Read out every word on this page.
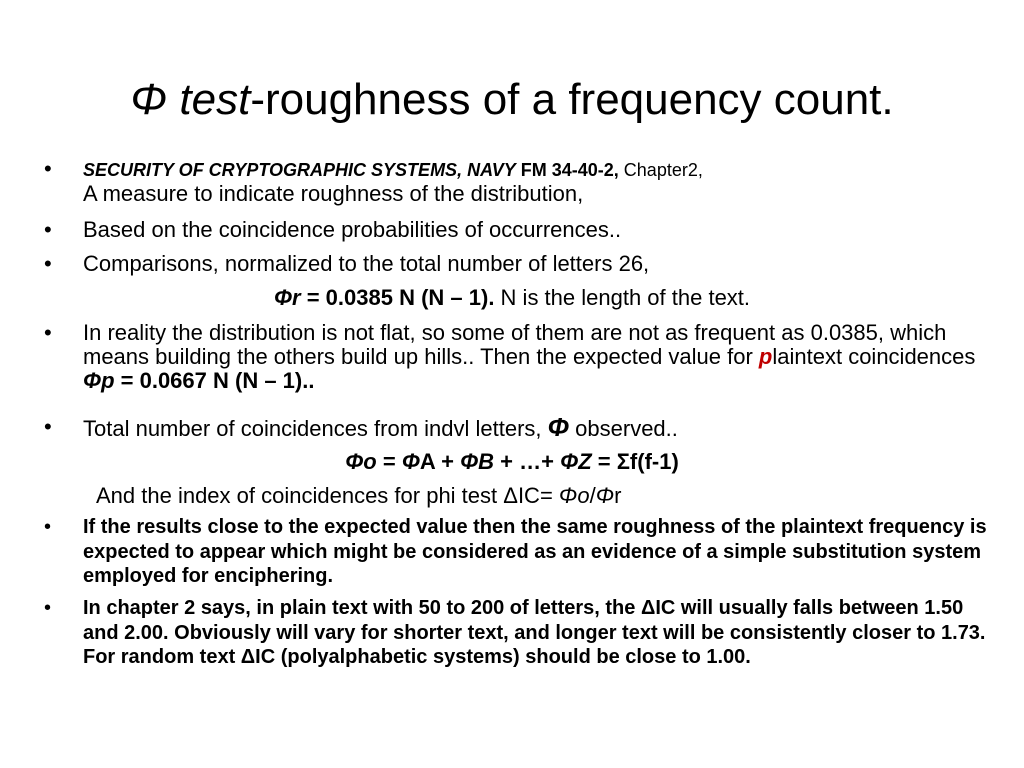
Φ test-roughness of a frequency count.
• SECURITY OF CRYPTOGRAPHIC SYSTEMS, NAVY FM 34-40-2, Chapter2,
A measure to indicate roughness of the distribution,
• Based on the coincidence probabilities of occurrences..
• Comparisons, normalized to the total number of letters 26,
Φr = 0.0385 N (N – 1). N is the length of the text.
• In reality the distribution is not flat, so some of them are not as frequent as 0.0385, which means building the others build up hills.. Then the expected value for plaintext coincidences Φp = 0.0667 N (N – 1)..
• Total number of coincidences from indvl letters, Φ observed..
Φo = ΦA + ΦB + …+ ΦZ = Σf(f-1)
And the index of coincidences for phi test ΔIC= Φo/Φr
• If the results close to the expected value then the same roughness of the plaintext frequency is expected to appear which might be considered as an evidence of a simple substitution system employed for enciphering.
• In chapter 2 says, in plain text with 50 to 200 of letters, the ΔIC will usually falls between 1.50 and 2.00. Obviously will vary for shorter text, and longer text will be consistently closer to 1.73. For random text ΔIC (polyalphabetic systems) should be close to 1.00.
